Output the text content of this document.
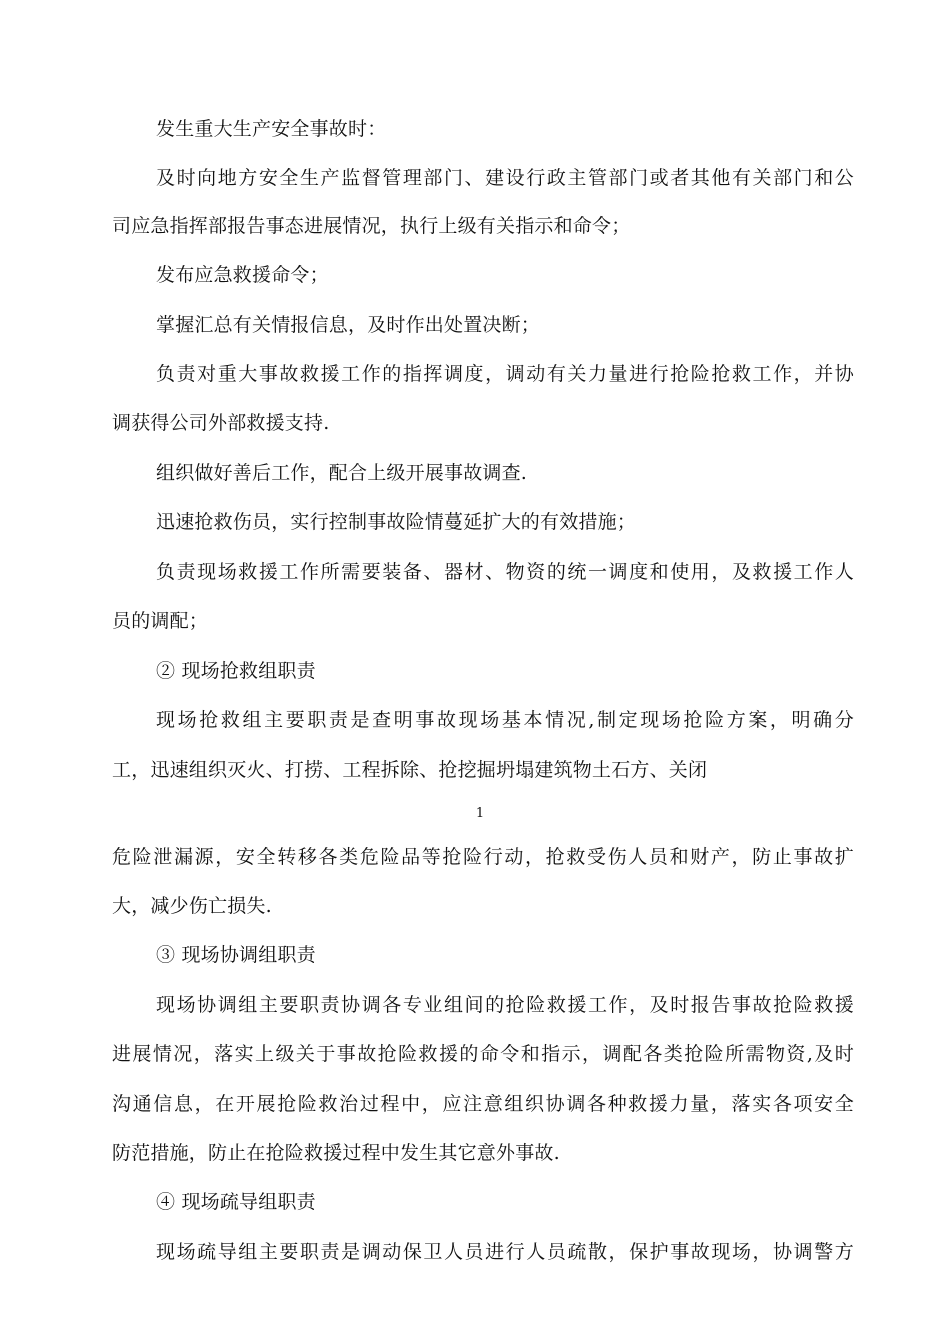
发生重大生产安全事故时：
及时向地方安全生产监督管理部门、建设行政主管部门或者其他有关部门和公
司应急指挥部报告事态进展情况，执行上级有关指示和命令；
发布应急救援命令；
掌握汇总有关情报信息，及时作出处置决断；
负责对重大事故救援工作的指挥调度，调动有关力量进行抢险抢救工作，并协
调获得公司外部救援支持.
组织做好善后工作，配合上级开展事故调查.
迅速抢救伤员，实行控制事故险情蔓延扩大的有效措施；
负责现场救援工作所需要装备、器材、物资的统一调度和使用，及救援工作人
员的调配；
② 现场抢救组职责
现场抢救组主要职责是查明事故现场基本情况,制定现场抢险方案，明确分
工，迅速组织灭火、打捞、工程拆除、抢挖掘坍塌建筑物土石方、关闭
1
危险泄漏源，安全转移各类危险品等抢险行动，抢救受伤人员和财产，防止事故扩
大，减少伤亡损失.
③ 现场协调组职责
现场协调组主要职责协调各专业组间的抢险救援工作，及时报告事故抢险救援
进展情况，落实上级关于事故抢险救援的命令和指示，调配各类抢险所需物资,及时
沟通信息，在开展抢险救治过程中，应注意组织协调各种救援力量，落实各项安全
防范措施，防止在抢险救援过程中发生其它意外事故.
④ 现场疏导组职责
现场疏导组主要职责是调动保卫人员进行人员疏散，保护事故现场，协调警方
